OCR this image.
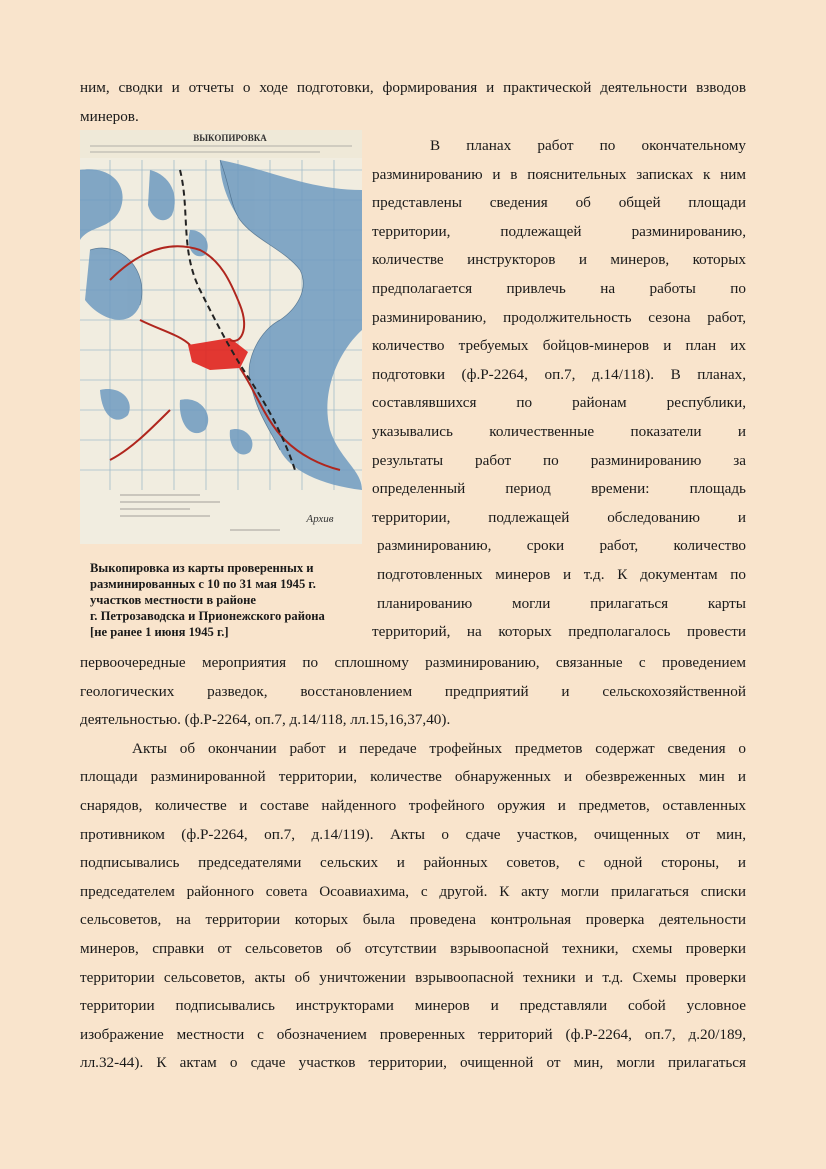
ним, сводки и отчеты о ходе подготовки, формирования и практической деятельности взводов
минеров.
ВЫКОПИРОВКА
Архив
Выкопировка из карты проверенных и
разминированных с 10 по 31 мая 1945 г.
участков местности в районе
г. Петрозаводска и Прионежского района
[не ранее 1 июня 1945 г.]
В планах работ по окончательному
разминированию и в пояснительных записках к ним
представлены сведения об общей площади
территории, подлежащей разминированию,
количестве инструкторов и минеров, которых
предполагается привлечь на работы по
разминированию, продолжительность сезона работ,
количество требуемых бойцов-минеров и план их
подготовки (ф.Р-2264, оп.7, д.14/118). В планах,
составлявшихся по районам республики,
указывались количественные показатели и
результаты работ по разминированию за
определенный период времени: площадь
территории, подлежащей обследованию и
разминированию, сроки работ, количество
подготовленных минеров и т.д. К документам по
планированию могли прилагаться карты
территорий, на которых предполагалось провести
первоочередные мероприятия по сплошному разминированию, связанные с проведением
геологических разведок, восстановлением предприятий и сельскохозяйственной
деятельностью. (ф.Р-2264, оп.7, д.14/118, лл.15,16,37,40).
Акты об окончании работ и передаче трофейных предметов содержат сведения о
площади разминированной территории, количестве обнаруженных и обезвреженных мин и
снарядов, количестве и составе найденного трофейного оружия и предметов, оставленных
противником (ф.Р-2264, оп.7, д.14/119). Акты о сдаче участков, очищенных от мин,
подписывались председателями сельских и районных советов, с одной стороны, и
председателем районного совета Осоавиахима, с другой. К акту могли прилагаться списки
сельсоветов, на территории которых была проведена контрольная проверка деятельности
минеров, справки от сельсоветов об отсутствии взрывоопасной техники, схемы проверки
территории сельсоветов, акты об уничтожении взрывоопасной техники и т.д. Схемы проверки
территории подписывались инструкторами минеров и представляли собой условное
изображение местности с обозначением проверенных территорий (ф.Р-2264, оп.7, д.20/189,
лл.32-44). К актам о сдаче участков территории, очищенной от мин, могли прилагаться
